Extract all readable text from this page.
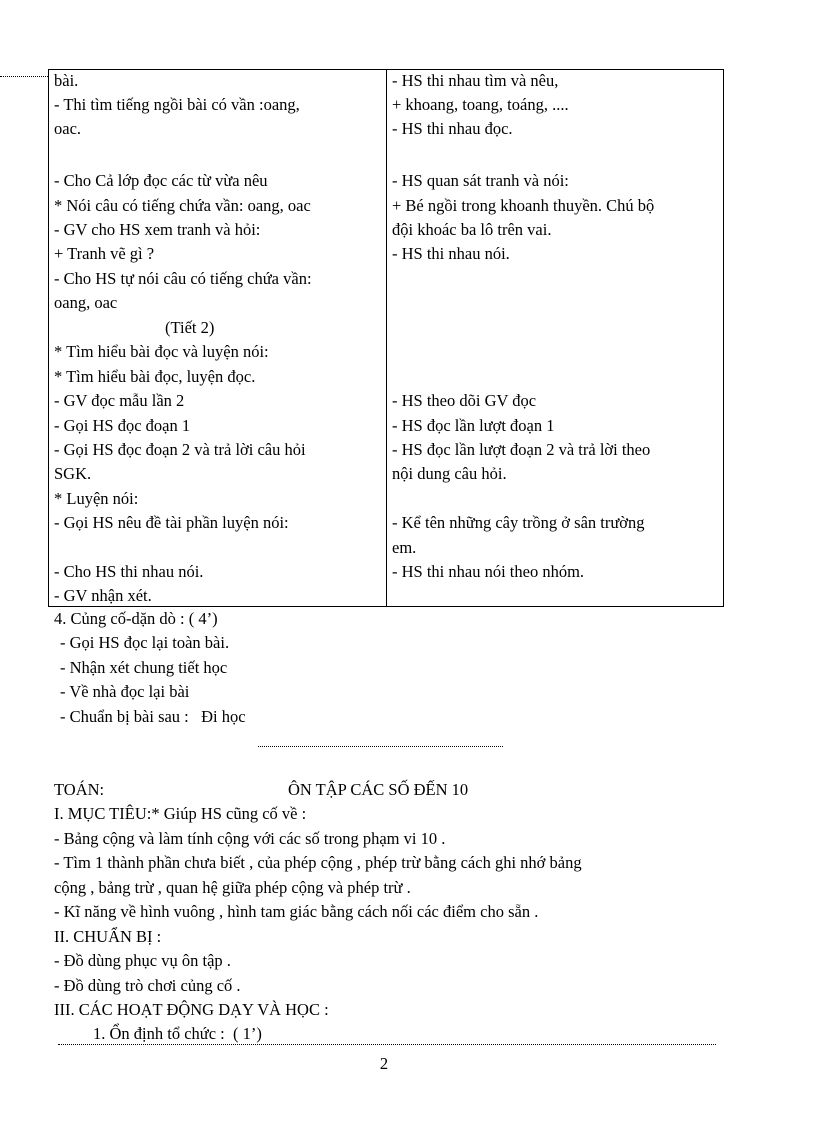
bài.
- Thi tìm tiếng ngồi bài có vần :oang,
oac.
- Cho Cả lớp đọc các từ vừa nêu
* Nói câu có tiếng chứa vần: oang, oac
- GV cho HS xem tranh và hỏi:
+ Tranh vẽ gì ?
- Cho HS tự nói câu có tiếng chứa vần:
oang, oac
(Tiết 2)
* Tìm hiểu bài đọc và luyện nói:
* Tìm hiểu bài đọc, luyện đọc.
- GV đọc mẫu lần 2
- Gọi HS đọc đoạn 1
- Gọi HS đọc đoạn 2 và trả lời câu hỏi
SGK.
* Luyện nói:
- Gọi HS nêu đề tài phần luyện nói:
- Cho HS thi nhau nói.
- GV nhận xét.
- HS thi nhau tìm và nêu,
+ khoang, toang, toáng, ....
- HS thi nhau đọc.
- HS quan sát tranh và nói:
+ Bé ngồi trong khoanh thuyền. Chú bộ
đội khoác ba lô trên vai.
- HS thi nhau nói.
- HS theo dõi GV đọc
- HS đọc lần lượt đoạn 1
- HS đọc lần lượt đoạn 2 và trả lời theo
nội dung câu hỏi.
- Kể tên những cây trồng ở sân trường
em.
- HS thi nhau nói theo nhóm.
4. Củng cố-dặn dò : ( 4’)
- Gọi HS đọc lại toàn bài.
- Nhận xét chung tiết học
- Về nhà đọc lại bài
- Chuẩn bị bài sau :   Đi học
TOÁN:	ÔN TẬP CÁC SỐ ĐẾN 10
I. MỤC TIÊU:* Giúp HS cũng cố về :
- Bảng cộng và làm tính cộng với các số trong phạm vi 10 .
- Tìm 1 thành phần chưa biết , của phép cộng , phép trừ bằng cách ghi nhớ bảng
cộng , bảng trừ , quan hệ giữa phép cộng và phép trừ .
- Kĩ năng về hình vuông , hình tam giác bằng cách nối các điểm cho sẵn .
II. CHUẨN BỊ :
- Đồ dùng phục vụ ôn tập .
- Đồ dùng trò chơi củng cố .
III. CÁC HOẠT ĐỘNG DẠY VÀ HỌC :
1. Ổn định tổ chức :  ( 1’)
2
